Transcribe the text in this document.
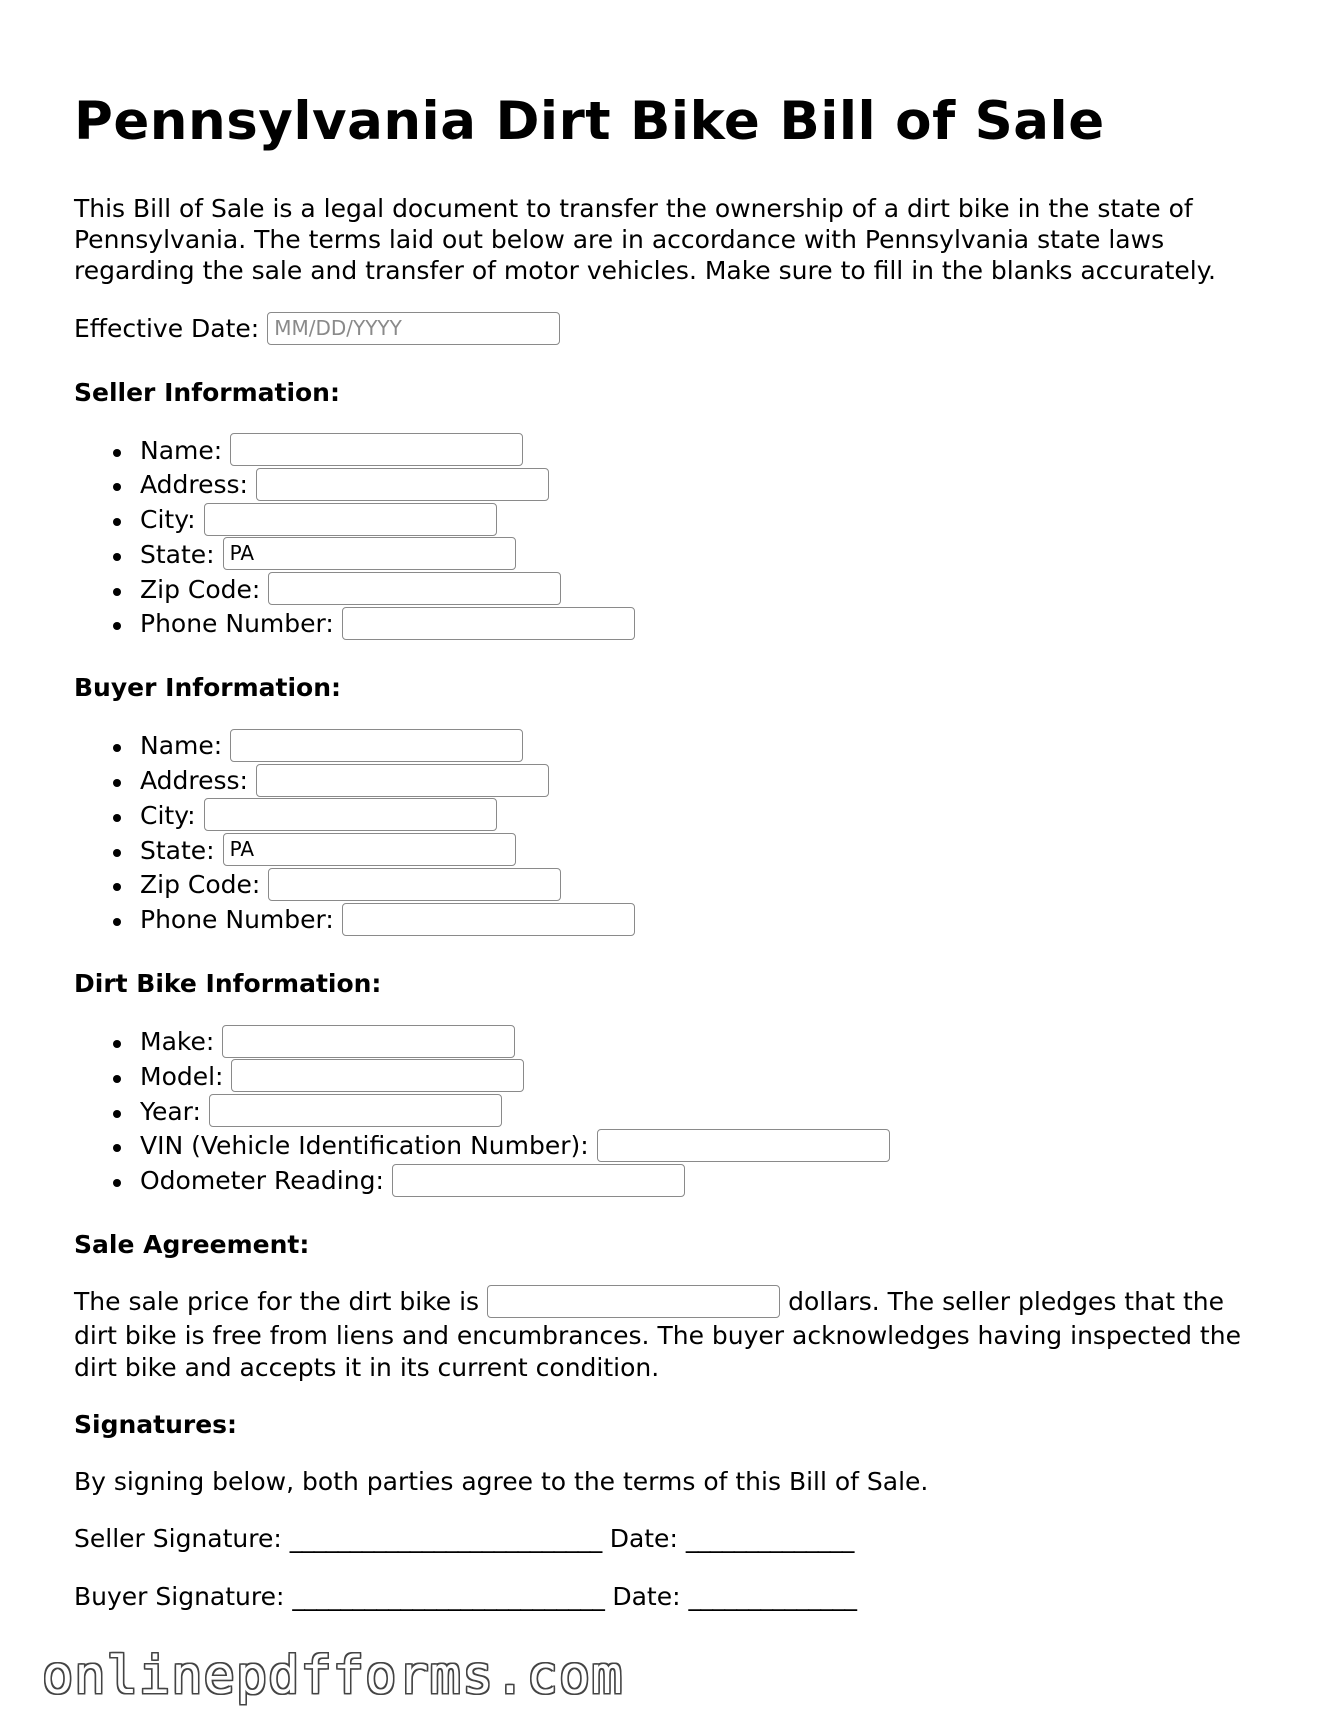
Pennsylvania Dirt Bike Bill of Sale

This Bill of Sale is a legal document to transfer the ownership of a dirt bike in the state of Pennsylvania. The terms laid out below are in accordance with Pennsylvania state laws regarding the sale and transfer of motor vehicles. Make sure to fill in the blanks accurately.

Effective Date: MM/DD/YYYY
Seller Information:
Name:
Address:
City:
State: PA
Zip Code:
Phone Number:
Buyer Information:
Name:
Address:
City:
State: PA
Zip Code:
Phone Number:
Dirt Bike Information:
Make:
Model:
Year:
VIN (Vehicle Identification Number):
Odometer Reading:
Sale Agreement:

The sale price for the dirt bike is	dollars. The seller pledges that the dirt bike is free from liens and encumbrances. The buyer acknowledges having inspected the dirt bike and accepts it in its current condition.

Signatures:

By signing below, both parties agree to the terms of this Bill of Sale.

Seller Signature: __________________________ Date: ______________
Buyer Signature: __________________________ Date: ______________
onlinepdfforms.com
